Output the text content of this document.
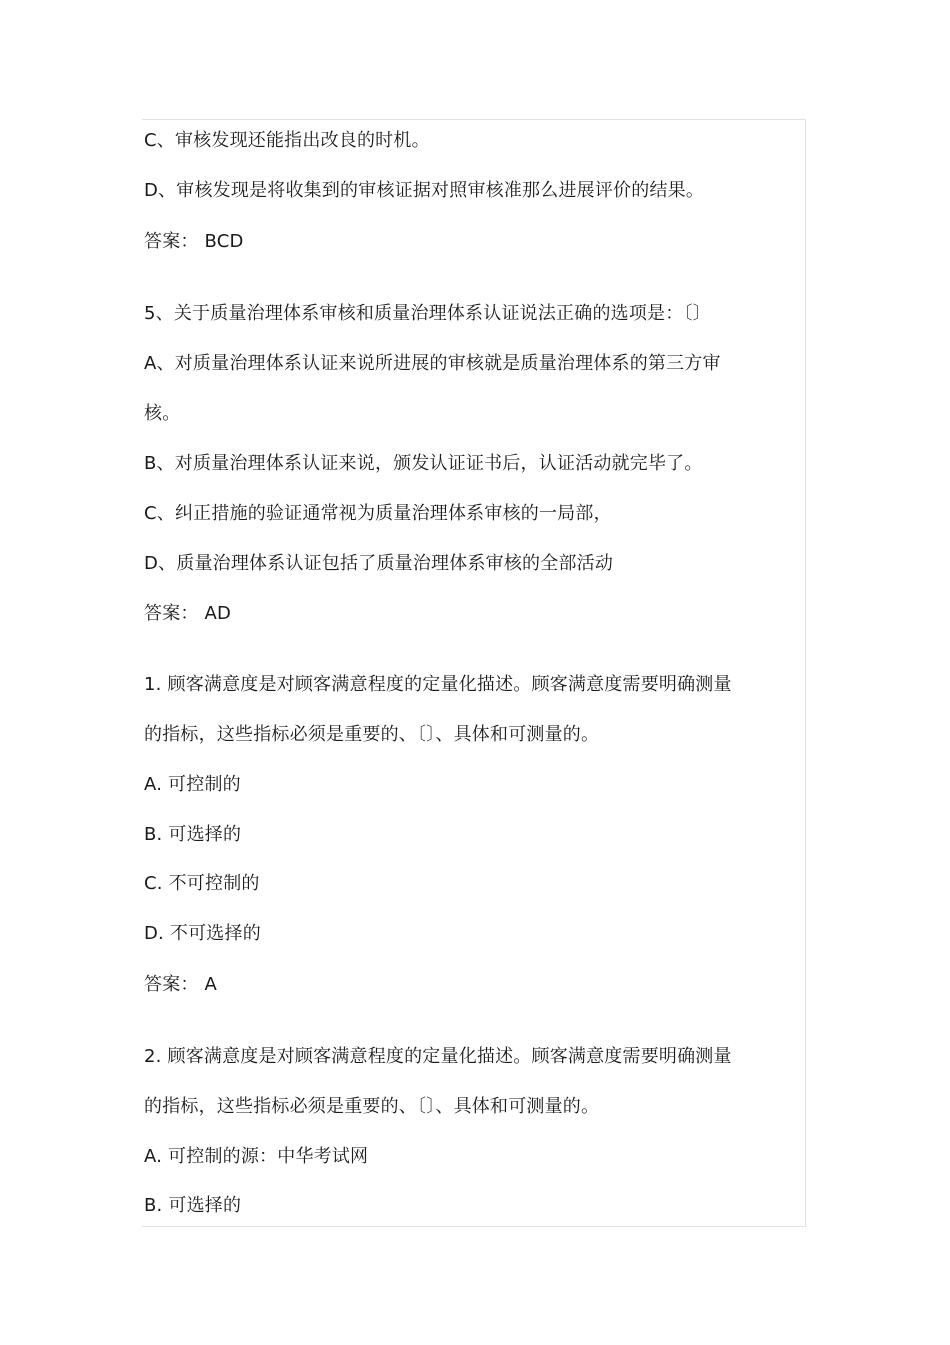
C、审核发现还能指出改良的时机。
D、审核发现是将收集到的审核证据对照审核准那么进展评价的结果。
答案： BCD
5、关于质量治理体系审核和质量治理体系认证说法正确的选项是：〔〕
A、对质量治理体系认证来说所进展的审核就是质量治理体系的第三方审
核。
B、对质量治理体系认证来说，颁发认证证书后，认证活动就完毕了。
C、纠正措施的验证通常视为质量治理体系审核的一局部，
D、质量治理体系认证包括了质量治理体系审核的全部活动
答案： AD
1. 顾客满意度是对顾客满意程度的定量化描述。顾客满意度需要明确测量
的指标，这些指标必须是重要的、〔〕、具体和可测量的。
A. 可控制的
B. 可选择的
C. 不可控制的
D. 不可选择的
答案： A
2. 顾客满意度是对顾客满意程度的定量化描述。顾客满意度需要明确测量
的指标，这些指标必须是重要的、〔〕、具体和可测量的。
A. 可控制的源：中华考试网
B. 可选择的
